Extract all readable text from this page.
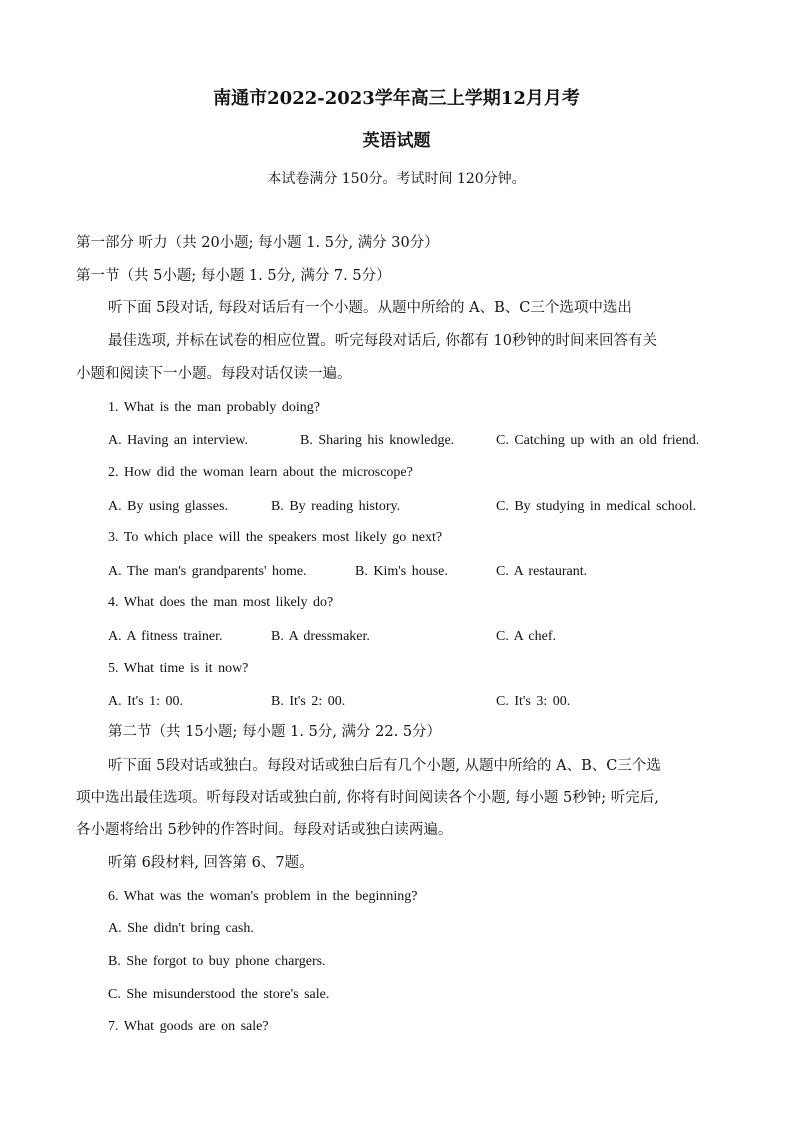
南通市2022-2023学年高三上学期12月月考
英语试题
本试卷满分 150分。考试时间 120分钟。
第一部分 听力（共 20小题; 每小题 1. 5分, 满分 30分）
第一节（共 5小题; 每小题 1. 5分, 满分 7. 5分）
听下面 5段对话, 每段对话后有一个小题。从题中所给的 A、B、C三个选项中选出
最佳选项, 并标在试卷的相应位置。听完每段对话后, 你都有 10秒钟的时间来回答有关
小题和阅读下一小题。每段对话仅读一遍。
1. What is the man probably doing?
A. Having an interview.	B. Sharing his knowledge.	C. Catching up with an old friend.
2. How did the woman learn about the microscope?
A. By using glasses.	B. By reading history.	C. By studying in medical school.
3. To which place will the speakers most likely go next?
A. The man's grandparents' home.	B. Kim's house.	C. A restaurant.
4. What does the man most likely do?
A. A fitness trainer.	B. A dressmaker.	C. A chef.
5. What time is it now?
A. It's 1: 00.	B. It's 2: 00.	C. It's 3: 00.
第二节（共 15小题; 每小题 1. 5分, 满分 22. 5分）
听下面 5段对话或独白。每段对话或独白后有几个小题, 从题中所给的 A、B、C三个选
项中选出最佳选项。听每段对话或独白前, 你将有时间阅读各个小题, 每小题 5秒钟; 听完后,
各小题将给出 5秒钟的作答时间。每段对话或独白读两遍。
听第 6段材料, 回答第 6、7题。
6. What was the woman's problem in the beginning?
A. She didn't bring cash.
B. She forgot to buy phone chargers.
C. She misunderstood the store's sale.
7. What goods are on sale?
